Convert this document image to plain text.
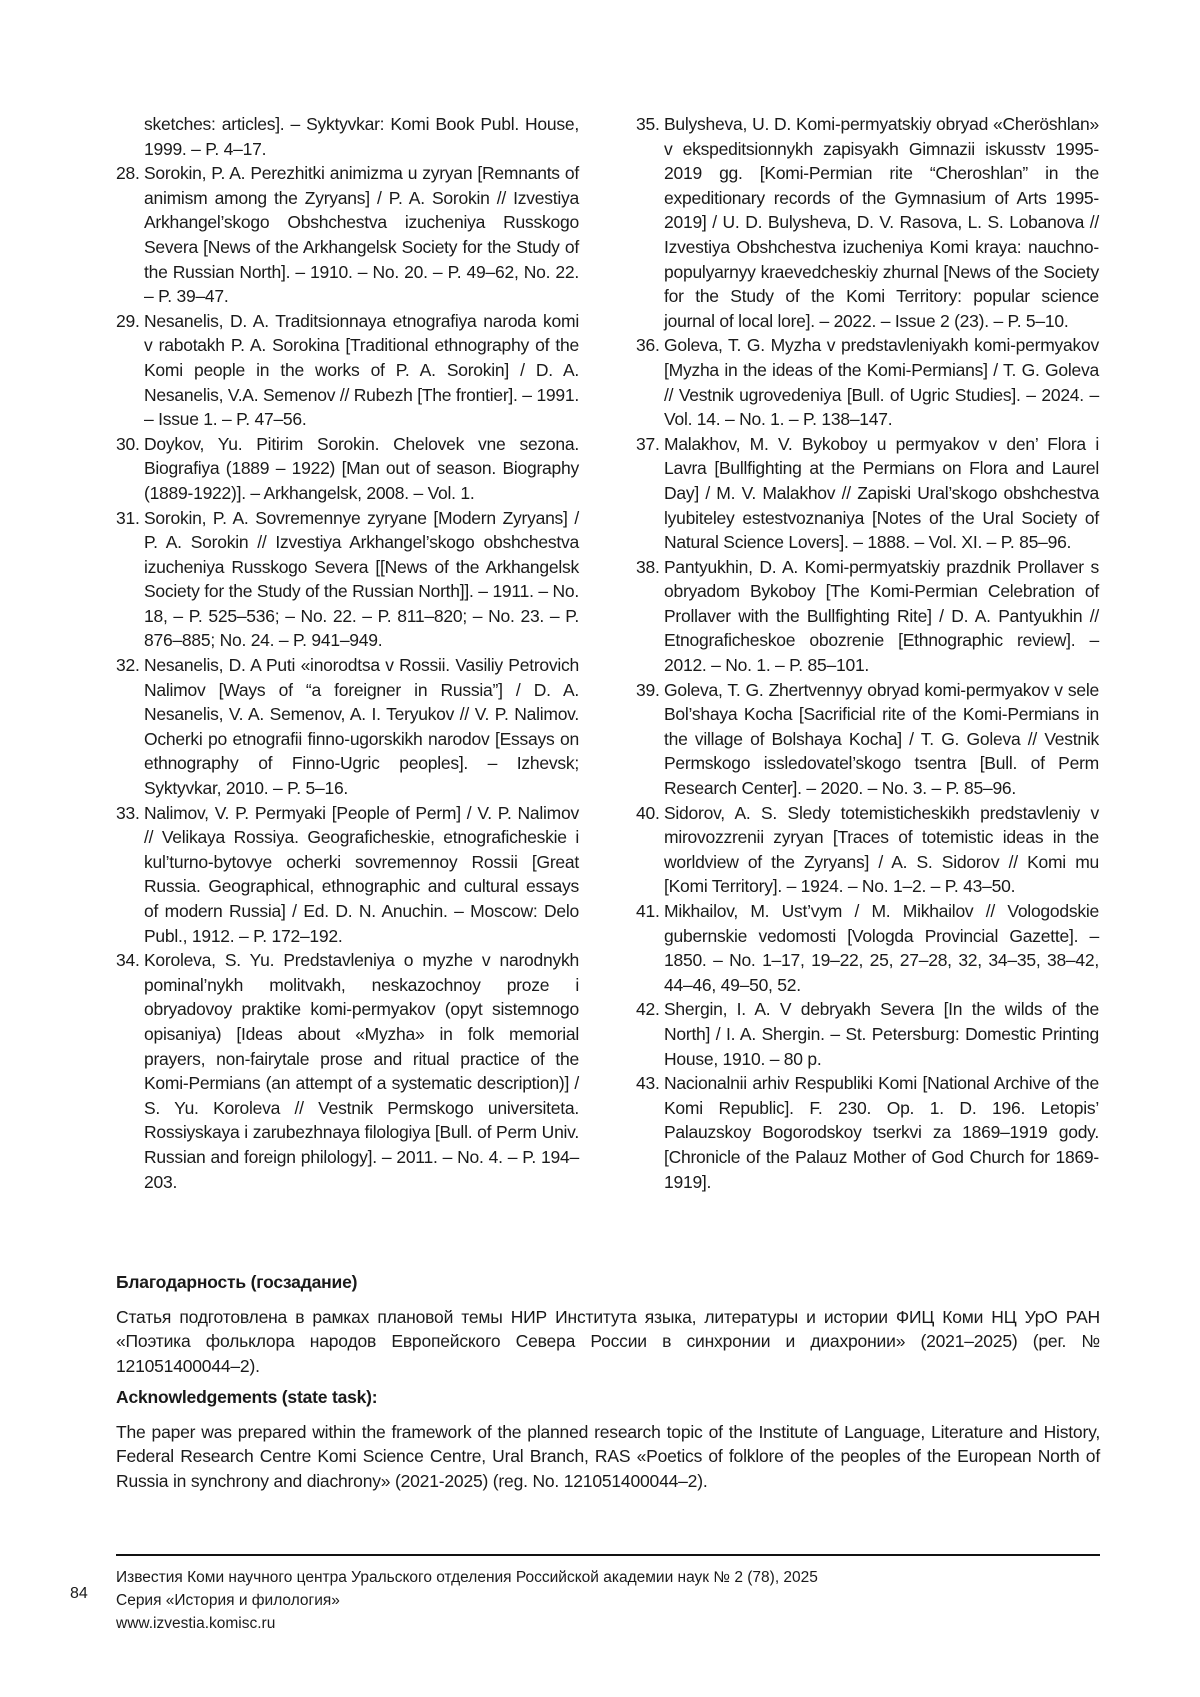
sketches: articles]. – Syktyvkar: Komi Book Publ. House, 1999. – P. 4–17.
28. Sorokin, P. A. Perezhitki animizma u zyryan [Remnants of animism among the Zyryans] / P. A. Sorokin // Izvestiya Arkhangel’skogo Obshchestva izucheniya Russkogo Severa [News of the Arkhangelsk Society for the Study of the Russian North]. – 1910. – No. 20. – P. 49–62, No. 22. – P. 39–47.
29. Nesanelis, D. A. Traditsionnaya etnografiya naroda komi v rabotakh P. A. Sorokina [Traditional ethnography of the Komi people in the works of P. A. Sorokin] / D. A. Nesanelis, V.A. Semenov // Rubezh [The frontier]. – 1991. – Issue 1. – P. 47–56.
30. Doykov, Yu. Pitirim Sorokin. Chelovek vne sezona. Biografiya (1889 – 1922) [Man out of season. Biography (1889-1922)]. – Arkhangelsk, 2008. – Vol. 1.
31. Sorokin, P. A. Sovremennye zyryane [Modern Zyryans] / P. A. Sorokin // Izvestiya Arkhangel’skogo obshchestva izucheniya Russkogo Severa [[News of the Arkhangelsk Society for the Study of the Russian North]]. – 1911. – No. 18, – P. 525–536; – No. 22. – P. 811–820; – No. 23. – P. 876–885; No. 24. – P. 941–949.
32. Nesanelis, D. A Puti «inorodtsa v Rossii. Vasiliy Petrovich Nalimov [Ways of “a foreigner in Russia”] / D. A. Nesanelis, V. A. Semenov, A. I. Teryukov // V. P. Nalimov. Ocherki po etnografii finno-ugorskikh narodov [Essays on ethnography of Finno-Ugric peoples]. – Izhevsk; Syktyvkar, 2010. – P. 5–16.
33. Nalimov, V. P. Permyaki [People of Perm] / V. P. Nalimov // Velikaya Rossiya. Geograficheskie, etnograficheskie i kul’turno-bytovye ocherki sovremennoy Rossii [Great Russia. Geographical, ethnographic and cultural essays of modern Russia] / Ed. D. N. Anuchin. – Moscow: Delo Publ., 1912. – P. 172–192.
34. Koroleva, S. Yu. Predstavleniya o myzhe v narodnykh pominal’nykh molitvakh, neskazochnoy proze i obryadovoy praktike komi-permyakov (opyt sistemnogo opisaniya) [Ideas about «Myzha» in folk memorial prayers, non-fairytale prose and ritual practice of the Komi-Permians (an attempt of a systematic description)] / S. Yu. Koroleva // Vestnik Permskogo universiteta. Rossiyskaya i zarubezhnaya filologiya [Bull. of Perm Univ. Russian and foreign philology]. – 2011. – No. 4. – P. 194–203.
35. Bulysheva, U. D. Komi-permyatskiy obryad «Cheröshlan» v ekspeditsionnykh zapisyakh Gimnazii iskusstv 1995-2019 gg. [Komi-Permian rite “Cheroshlan” in the expeditionary records of the Gymnasium of Arts 1995-2019] / U. D. Bulysheva, D. V. Rasova, L. S. Lobanova // Izvestiya Obshchestva izucheniya Komi kraya: nauchno-populyarnyy kraevedcheskiy zhurnal [News of the Society for the Study of the Komi Territory: popular science journal of local lore]. – 2022. – Issue 2 (23). – P. 5–10.
36. Goleva, T. G. Myzha v predstavleniyakh komi-permyakov [Myzha in the ideas of the Komi-Permians] / T. G. Goleva // Vestnik ugrovedeniya [Bull. of Ugric Studies]. – 2024. – Vol. 14. – No. 1. – P. 138–147.
37. Malakhov, M. V. Bykoboy u permyakov v den’ Flora i Lavra [Bullfighting at the Permians on Flora and Laurel Day] / M. V. Malakhov // Zapiski Ural’skogo obshchestva lyubiteley estestvoznaniya [Notes of the Ural Society of Natural Science Lovers]. – 1888. – Vol. XI. – P. 85–96.
38. Pantyukhin, D. A. Komi-permyatskiy prazdnik Prollaver s obryadom Bykoboy [The Komi-Permian Celebration of Prollaver with the Bullfighting Rite] / D. A. Pantyukhin // Etnograficheskoe obozrenie [Ethnographic review]. – 2012. – No. 1. – P. 85–101.
39. Goleva, T. G. Zhertvennyy obryad komi-permyakov v sele Bol’shaya Kocha [Sacrificial rite of the Komi-Permians in the village of Bolshaya Kocha] / T. G. Goleva // Vestnik Permskogo issledovatel’skogo tsentra [Bull. of Perm Research Center]. – 2020. – No. 3. – P. 85–96.
40. Sidorov, A. S. Sledy totemisticheskikh predstavleniy v mirovozzrenii zyryan [Traces of totemistic ideas in the worldview of the Zyryans] / A. S. Sidorov // Komi mu [Komi Territory]. – 1924. – No. 1–2. – P. 43–50.
41. Mikhailov, M. Ust’vym / M. Mikhailov // Vologodskie gubernskie vedomosti [Vologda Provincial Gazette]. – 1850. – No. 1–17, 19–22, 25, 27–28, 32, 34–35, 38–42, 44–46, 49–50, 52.
42. Shergin, I. A. V debryakh Severa [In the wilds of the North] / I. A. Shergin. – St. Petersburg: Domestic Printing House, 1910. – 80 p.
43. Nacionalnii arhiv Respubliki Komi [National Archive of the Komi Republic]. F. 230. Op. 1. D. 196. Letopis’ Palauzskoy Bogorodskoy tserkvi za 1869–1919 gody. [Chronicle of the Palauz Mother of God Church for 1869-1919].
Благодарность (госзадание)

Статья подготовлена в рамках плановой темы НИР Института языка, литературы и истории ФИЦ Коми НЦ УрО РАН «Поэтика фольклора народов Европейского Севера России в синхронии и диахронии» (2021–2025) (рег. № 121051400044–2).

Acknowledgements (state task):

The paper was prepared within the framework of the planned research topic of the Institute of Language, Literature and History, Federal Research Centre Komi Science Centre, Ural Branch, RAS «Poetics of folklore of the peoples of the European North of Russia in synchrony and diachrony» (2021-2025) (reg. No. 121051400044–2).

84
Известия Коми научного центра Уральского отделения Российской академии наук № 2 (78), 2025
Серия «История и филология»
www.izvestia.komisc.ru
